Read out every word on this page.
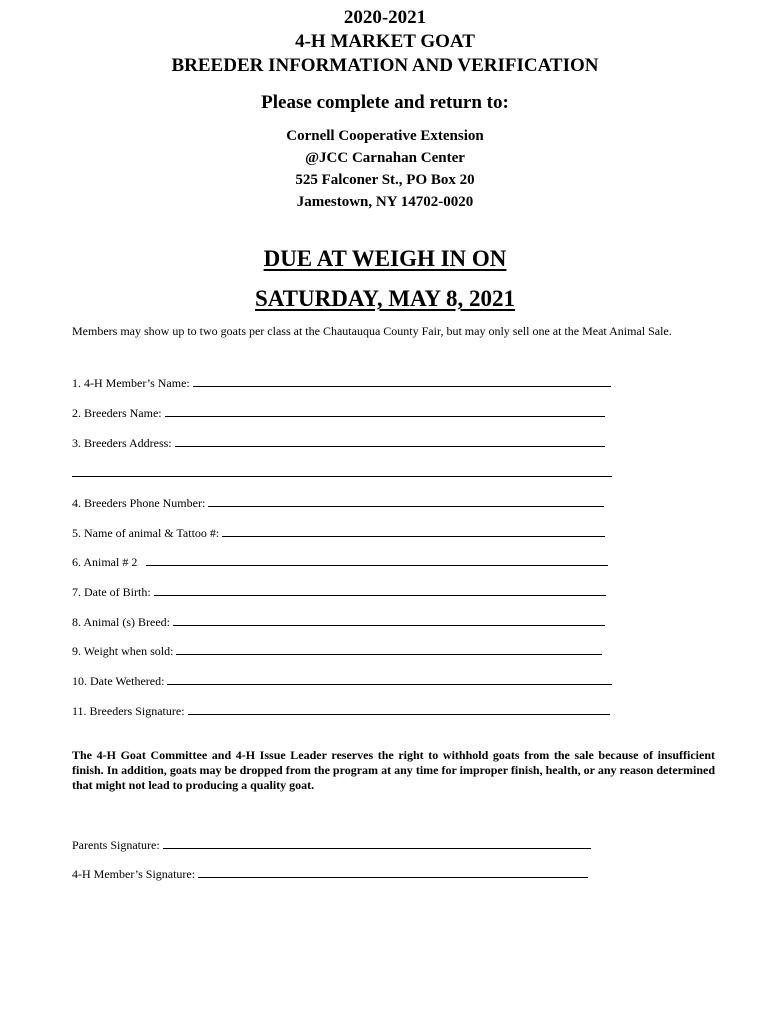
2020-2021
4-H MARKET GOAT
BREEDER INFORMATION AND VERIFICATION
Please complete and return to:
Cornell Cooperative Extension
@JCC Carnahan Center
525 Falconer St., PO Box 20
Jamestown, NY 14702-0020
DUE AT WEIGH IN ON
SATURDAY, MAY 8, 2021
Members may show up to two goats per class at the Chautauqua County Fair, but may only sell one at the Meat Animal Sale.
1. 4-H Member’s Name:
2. Breeders Name:
3. Breeders Address:
4. Breeders Phone Number:
5. Name of animal & Tattoo #:
6. Animal # 2
7. Date of Birth:
8. Animal (s) Breed:
9. Weight when sold:
10. Date Wethered:
11. Breeders Signature:
The 4-H Goat Committee and 4-H Issue Leader reserves the right to withhold goats from the sale because of insufficient finish. In addition, goats may be dropped from the program at any time for improper finish, health, or any reason determined that might not lead to producing a quality goat.
Parents Signature:
4-H Member’s Signature:
